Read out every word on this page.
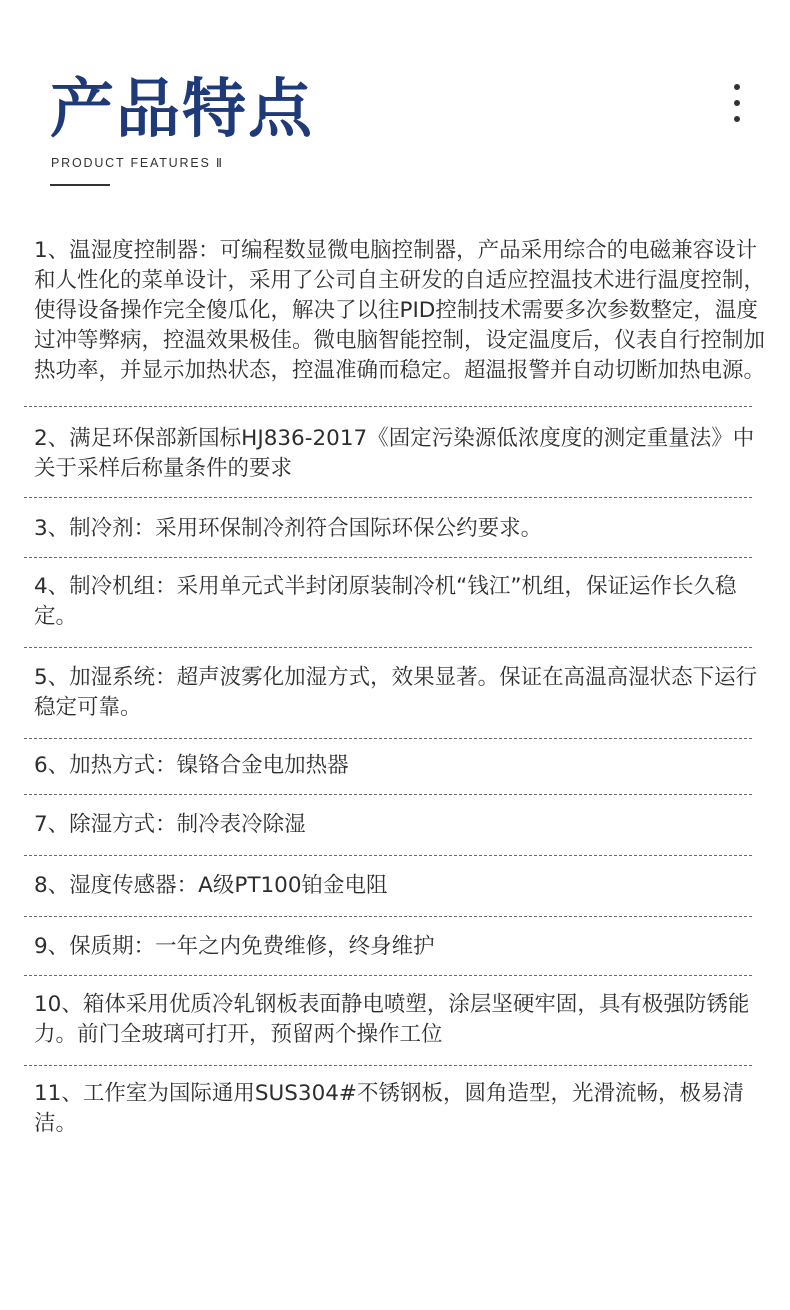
产品特点
PRODUCT FEATURES Ⅱ
1、温湿度控制器：可编程数显微电脑控制器，产品采用综合的电磁兼容设计和人性化的菜单设计，采用了公司自主研发的自适应控温技术进行温度控制，使得设备操作完全傻瓜化，解决了以往PID控制技术需要多次参数整定，温度过冲等弊病，控温效果极佳。微电脑智能控制，设定温度后，仪表自行控制加热功率，并显示加热状态，控温准确而稳定。超温报警并自动切断加热电源。
2、满足环保部新国标HJ836-2017《固定污染源低浓度度的测定重量法》中关于采样后称量条件的要求
3、制冷剂：采用环保制冷剂符合国际环保公约要求。
4、制冷机组：采用单元式半封闭原装制冷机“钱江”机组，保证运作长久稳定。
5、加湿系统：超声波雾化加湿方式，效果显著。保证在高温高湿状态下运行稳定可靠。
6、加热方式：镍铬合金电加热器
7、除湿方式：制冷表冷除湿
8、湿度传感器：A级PT100铂金电阻
9、保质期：一年之内免费维修，终身维护
10、箱体采用优质冷轧钢板表面静电喷塑，涂层坚硬牢固，具有极强防锈能力。前门全玻璃可打开，预留两个操作工位
11、工作室为国际通用SUS304#不锈钢板，圆角造型，光滑流畅，极易清洁。
